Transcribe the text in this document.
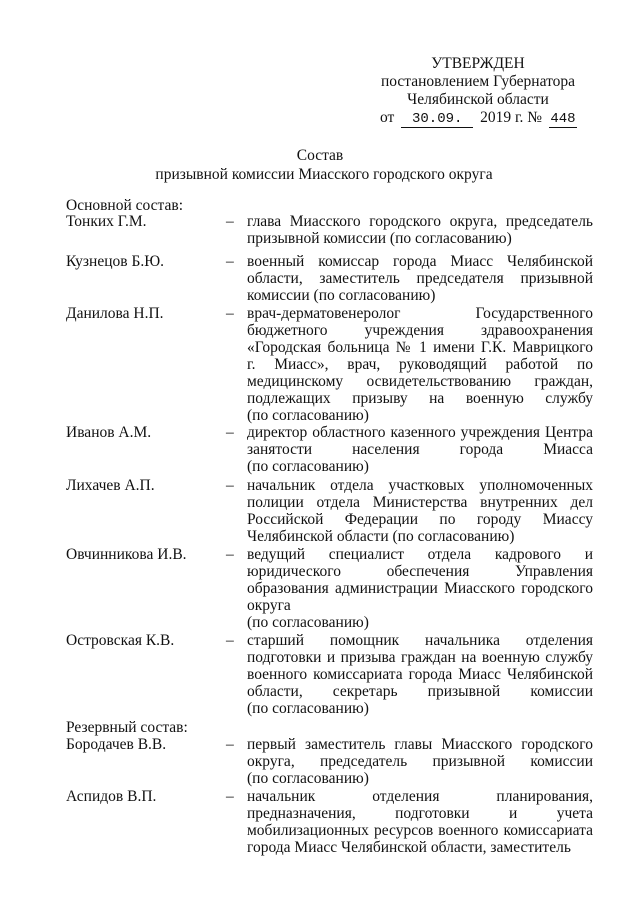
УТВЕРЖДЕН
постановлением Губернатора
Челябинской области
от 30.09. 2019 г. № 448
Состав
призывной комиссии Миасского городского округа
Основной состав:
Тонких Г.М.	– глава Миасского городского округа, председатель
призывной комиссии (по согласованию)
Кузнецов Б.Ю.	– военный комиссар города Миасс Челябинской
области, заместитель председателя призывной
комиссии (по согласованию)
Данилова Н.П.	– врач-дерматовенеролог Государственного
бюджетного учреждения здравоохранения
«Городская больница № 1 имени Г.К. Маврицкого
г. Миасс», врач, руководящий работой по
медицинскому освидетельствованию граждан,
подлежащих призыву на военную службу
(по согласованию)
Иванов А.М.	– директор областного казенного учреждения Центра
занятости населения города Миасса
(по согласованию)
Лихачев А.П.	– начальник отдела участковых уполномоченных
полиции отдела Министерства внутренних дел
Российской Федерации по городу Миассу
Челябинской области (по согласованию)
Овчинникова И.В.	– ведущий специалист отдела кадрового и
юридического обеспечения Управления
образования администрации Миасского городского
округа
(по согласованию)
Островская К.В.	– старший помощник начальника отделения
подготовки и призыва граждан на военную службу
военного комиссариата города Миасс Челябинской
области, секретарь призывной комиссии
(по согласованию)
Резервный состав:
Бородачев В.В.	– первый заместитель главы Миасского городского
округа, председатель призывной комиссии
(по согласованию)
Аспидов В.П.	– начальник отделения планирования,
предназначения, подготовки и учета
мобилизационных ресурсов военного комиссариата
города Миасс Челябинской области, заместитель
